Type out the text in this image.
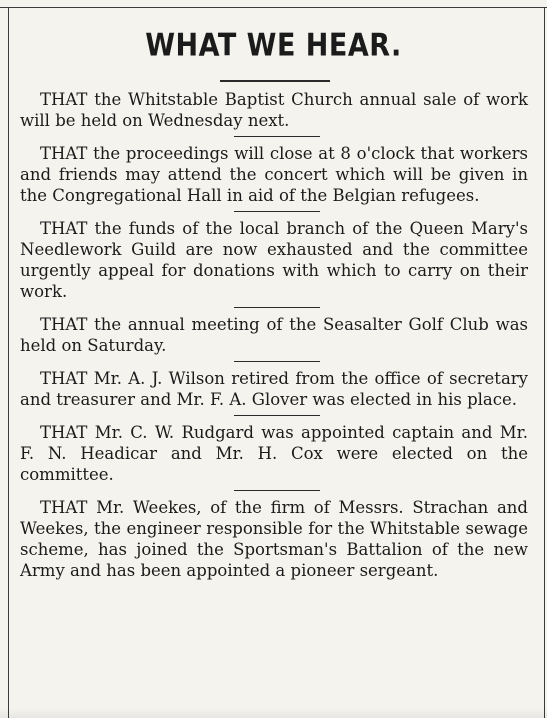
WHAT WE HEAR.

THAT the Whitstable Baptist Church annual sale of work will be held on Wednesday next.

THAT the proceedings will close at 8 o'clock that workers and friends may attend the concert which will be given in the Congregational Hall in aid of the Belgian refugees.

THAT the funds of the local branch of the Queen Mary's Needlework Guild are now exhausted and the committee urgently appeal for donations with which to carry on their work.

THAT the annual meeting of the Seasalter Golf Club was held on Saturday.

THAT Mr. A. J. Wilson retired from the office of secretary and treasurer and Mr. F. A. Glover was elected in his place.

THAT Mr. C. W. Rudgard was appointed captain and Mr. F. N. Headicar and Mr. H. Cox were elected on the committee.

THAT Mr. Weekes, of the firm of Messrs. Strachan and Weekes, the engineer responsible for the Whitstable sewage scheme, has joined the Sportsman's Battalion of the new Army and has been appointed a pioneer sergeant.
